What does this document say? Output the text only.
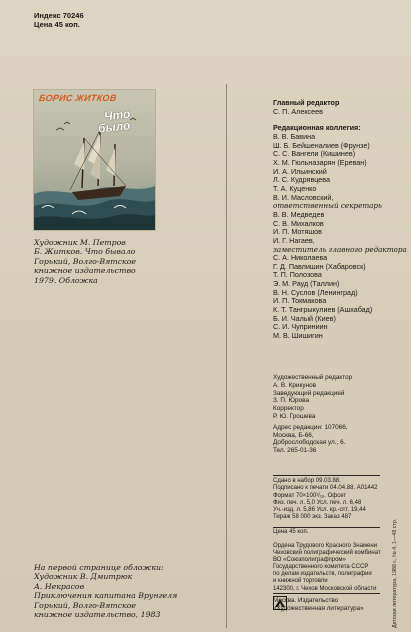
Индекс 70246
Цена 45 коп.
БОРИС ЖИТКОВ
Что
было
Художник М. Петров
Б. Житков. Что бывало
Горький, Волго-Вятское
книжное издательство
1979. Обложка
На первой странице обложки:
Художник В. Дмитрюк
А. Некрасов
Приключения капитана Врунгеля
Горький, Волго-Вятское
книжное издательство, 1983
Главный редактор
С. П. Алексеев
Редакционная коллегия:
В. В. Бавина
Ш. Б. Бейшеналиев (Фрунзе)
С. С. Вангели (Кишинев)
Х. М. Гюльназарян (Ереван)
И. А. Ильинский
Л. С. Кудрявцева
Т. А. Куценко
В. И. Масловский,
ответственный секретарь
В. В. Медведев
С. В. Михалков
И. П. Мотяшов
И. Г. Нагаев,
заместитель главного редактора
С. А. Николаева
Г. Д. Павлишин (Хабаровск)
Т. П. Полозова
Э. М. Рауд (Таллин)
В. Н. Суслов (Ленинград)
И. П. Токмакова
К. Т. Тангрыкулиев (Ашхабад)
Б. И. Чалый (Киев)
С. И. Чуприниин
М. В. Шишигин
Художественный редактор
А. В. Крикунов
Заведующий редакцией
З. П. Юрова
Корректор
Р. Ю. Грошева
Адрес редакции: 107066,
Москва, Б-66,
Доброслободская ул., 6.
Тел. 265-01-36
Сдано в набор 09.03.88.
Подписано к печати 04.04.88. А01442
Формат 70×100¹/₁₆. Офсет
Физ. печ. л. 5,0 Усл. печ. л. 6,48
Уч.-изд. л. 5,86 Усл. кр.-отт. 19,44
Тираж 58 000 экз. Заказ 487
Цена 45 коп.
Ордена Трудового Красного Знамени
Чеховский полиграфический комбинат
ВО «Союзполиграфпром»
Государственного комитета СССР
по делам издательств, полиграфии
и книжной торговли
142300, г. Чехов Московской области
Москва. Издательство
«Художественная литература»	Детская литература, 1988 г., № 4, 1—48 стр.
